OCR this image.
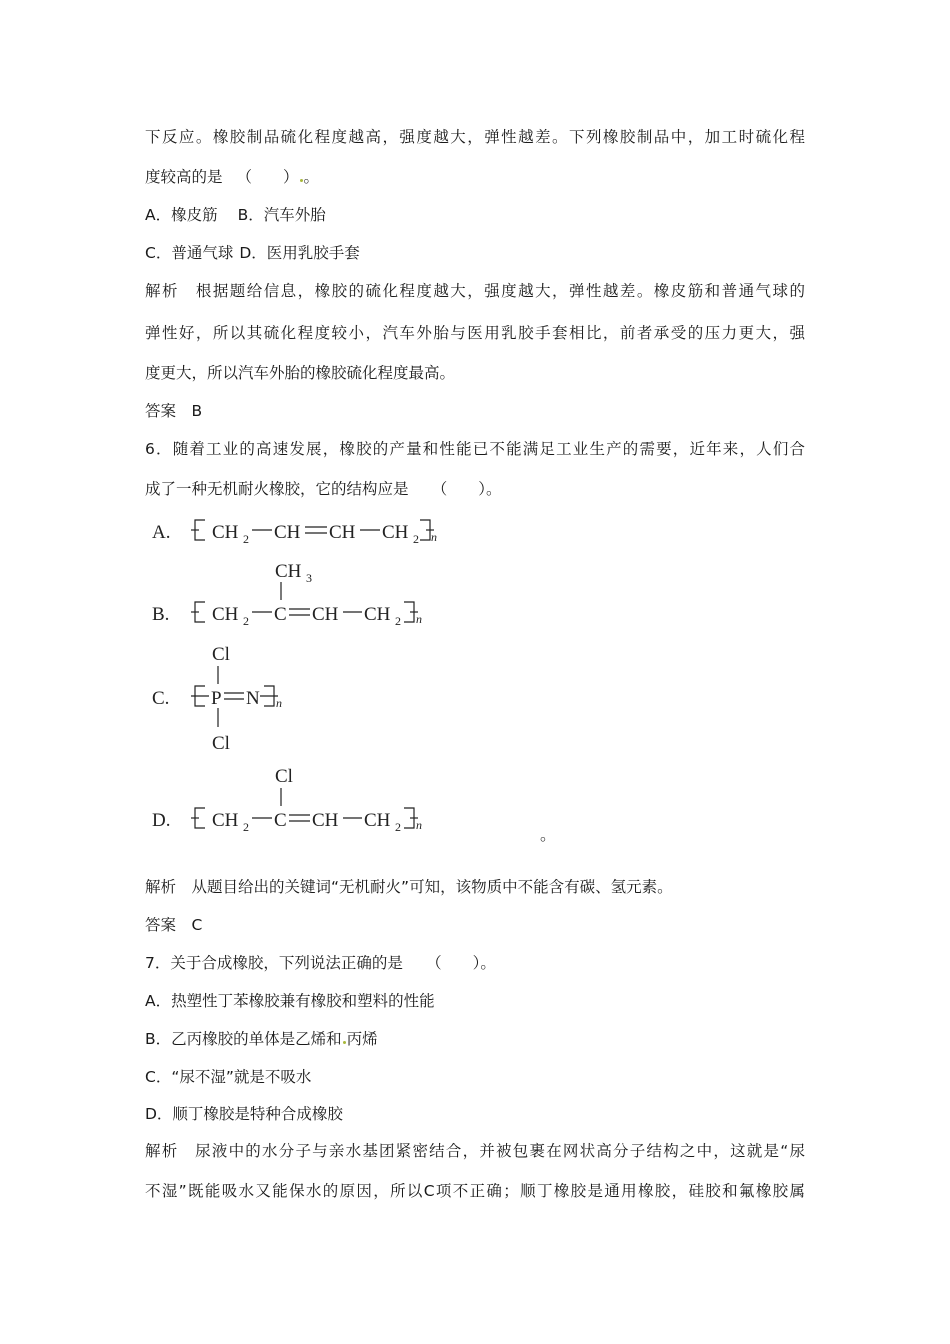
下反应。橡胶制品硫化程度越高，强度越大，弹性越差。下列橡胶制品中，加工时硫化程
度较高的是 （　　） 。
A．橡皮筋 B．汽车外胎
C．普通气球 D．医用乳胶手套
解析　 根据题给信息，橡胶的硫化程度越大，强度越大，弹性越差。橡皮筋和普通气球的
弹性好，所以其硫化程度较小，汽车外胎与医用乳胶手套相比，前者承受的压力更大，强
度更大，所以汽车外胎的橡胶硫化程度最高。
答案　 B
6．随着工业的高速发展，橡胶的产量和性能已不能满足工业生产的需要，近年来，人们合
成了一种无机耐火橡胶，它的结构应是　　（　　）。
A. CH 2 CH CH CH 2 n
CH 3
B. CH 2 C CH CH 2 n
Cl
C. P N n
Cl
Cl
D. CH 2 C CH CH 2 n
。
解析　 从题目给出的关键词“无机耐火”可知，该物质中不能含有碳、氢元素。
答案　 C
7．关于合成橡胶，下列说法正确的是　　（　　）。
A．热塑性丁苯橡胶兼有橡胶和塑料的性能
B．乙丙橡胶的单体是乙烯和 丙烯
C．“尿不湿”就是不吸水
D．顺丁橡胶是特种合成橡胶
解析　 尿液中的水分子与亲水基团紧密结合，并被包裹在网状高分子结构之中，这就是“尿
不湿”既能吸水又能保水的原因，所以C项不正确；顺丁橡胶是通用橡胶，硅胶和氟橡胶属
